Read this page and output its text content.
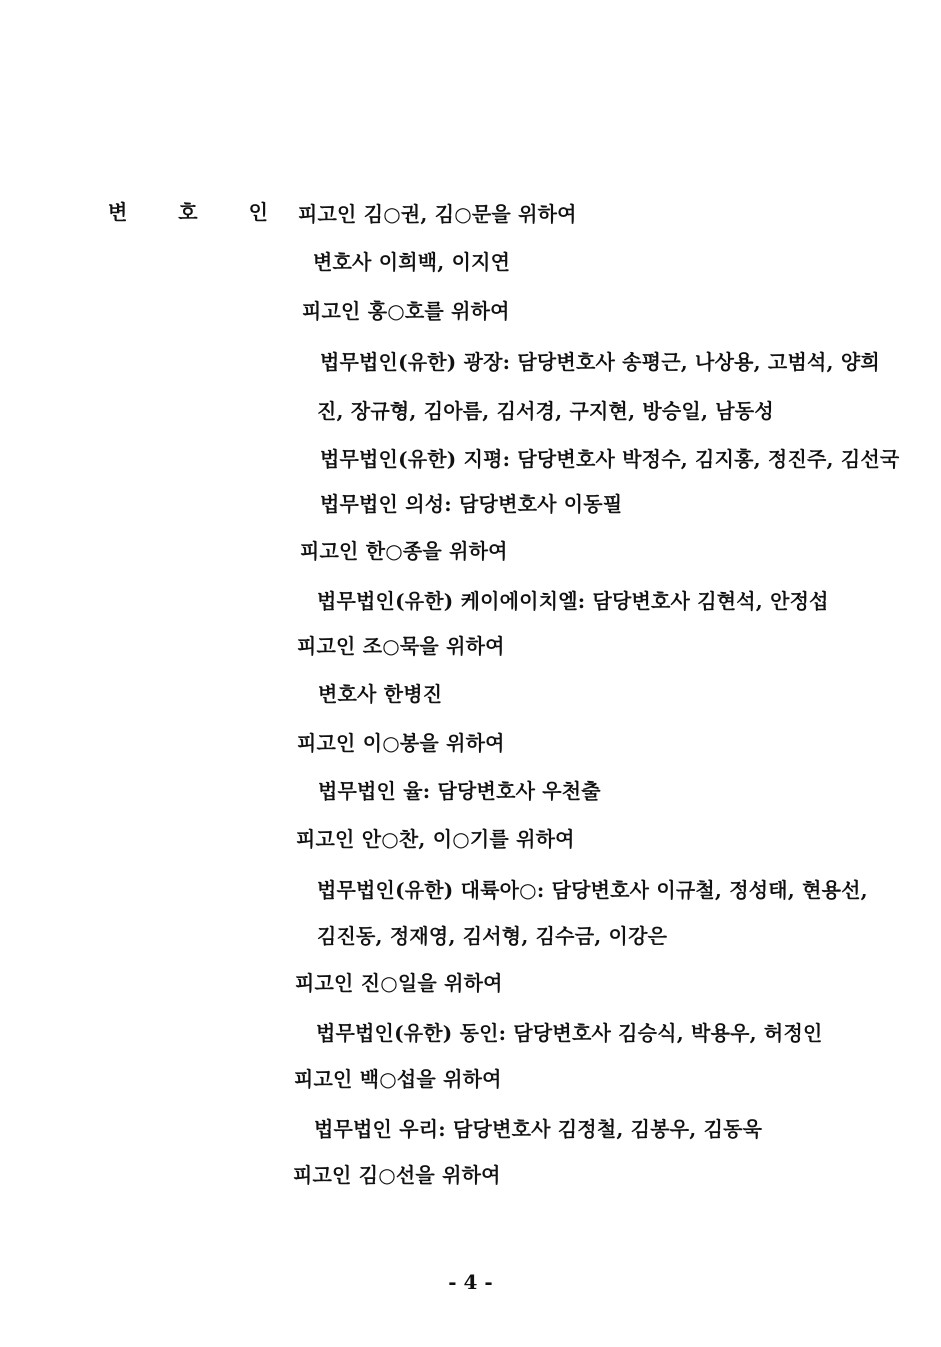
변 호 인 피고인 김○권, 김○문을 위하여
변호사 이희백, 이지연
피고인 홍○호를 위하여
법무법인(유한) 광장: 담당변호사 송평근, 나상용, 고범석, 양희
진, 장규형, 김아름, 김서경, 구지현, 방승일, 남동성
법무법인(유한) 지평: 담당변호사 박정수, 김지홍, 정진주, 김선국
법무법인 의성: 담당변호사 이동필
피고인 한○종을 위하여
법무법인(유한) 케이에이치엘: 담당변호사 김현석, 안정섭
피고인 조○묵을 위하여
변호사 한병진
피고인 이○봉을 위하여
법무법인 율: 담당변호사 우천출
피고인 안○찬, 이○기를 위하여
법무법인(유한) 대륙아○: 담당변호사 이규철, 정성태, 현용선,
김진동, 정재영, 김서형, 김수금, 이강은
피고인 진○일을 위하여
법무법인(유한) 동인: 담당변호사 김승식, 박용우, 허정인
피고인 백○섭을 위하여
법무법인 우리: 담당변호사 김정철, 김봉우, 김동욱
피고인 김○선을 위하여
- 4 -
